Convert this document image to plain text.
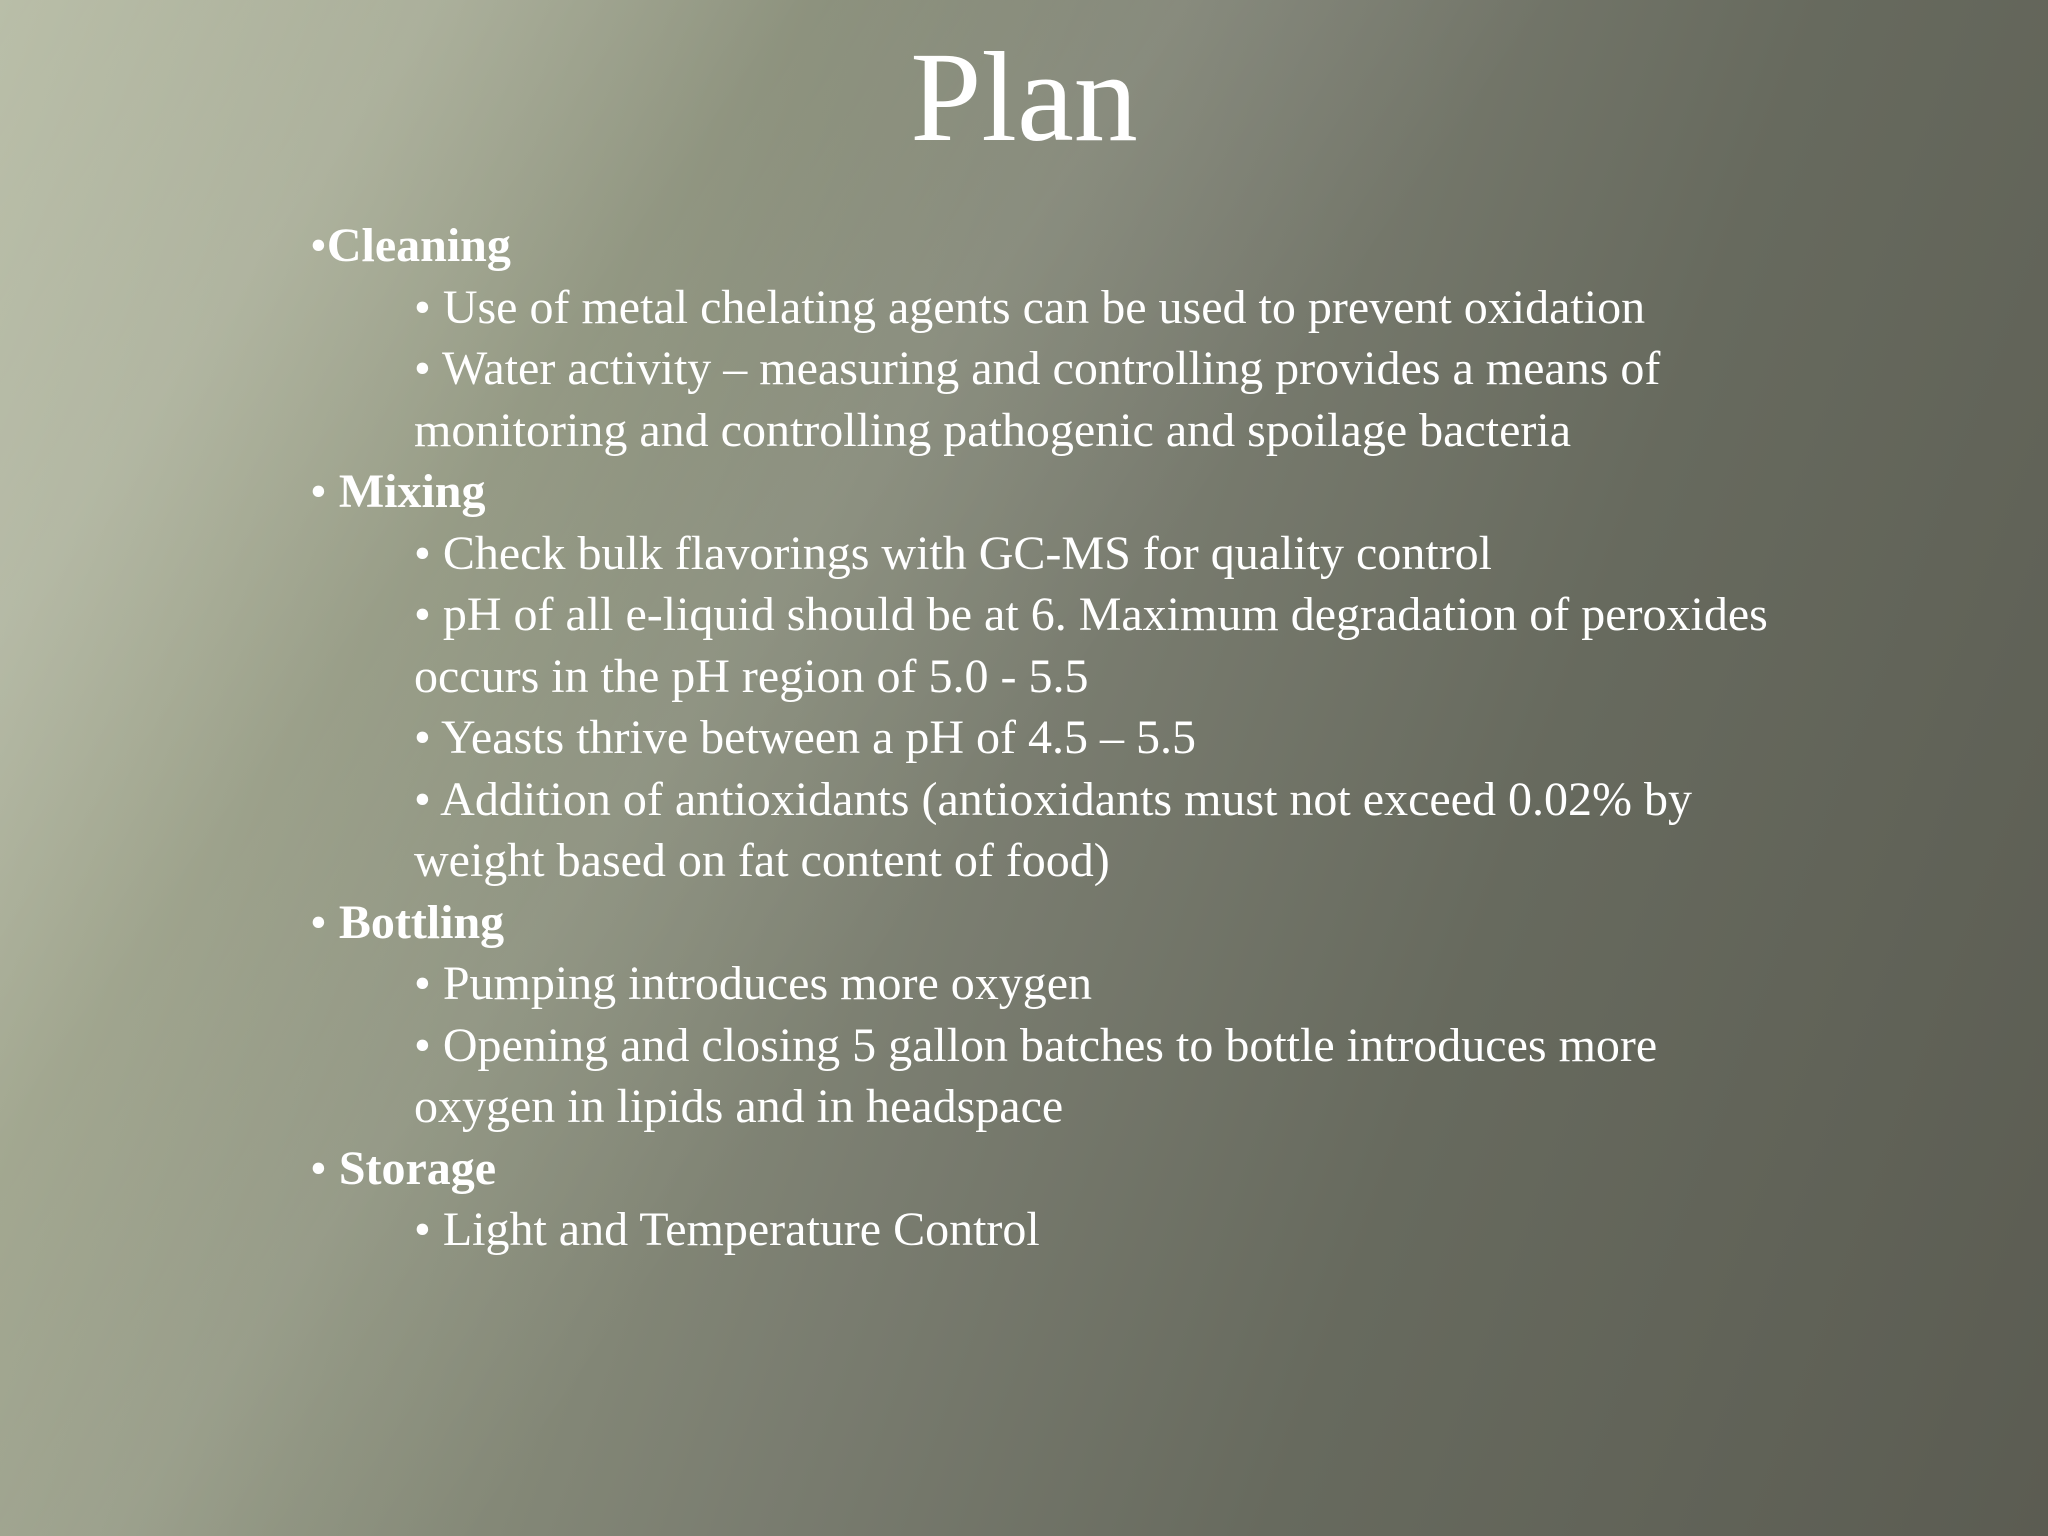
Plan
•Cleaning
• Use of metal chelating agents can be used to prevent oxidation
• Water activity – measuring and controlling provides a means of monitoring and controlling pathogenic and spoilage bacteria
• Mixing
• Check bulk flavorings with GC-MS for quality control
• pH of all e-liquid should be at 6. Maximum degradation of peroxides occurs in the pH region of 5.0 - 5.5
• Yeasts thrive between a pH of 4.5 – 5.5
• Addition of antioxidants (antioxidants must not exceed 0.02% by weight based on fat content of food)
• Bottling
• Pumping introduces more oxygen
• Opening and closing 5 gallon batches to bottle introduces more oxygen in lipids and in headspace
• Storage
• Light and Temperature Control
